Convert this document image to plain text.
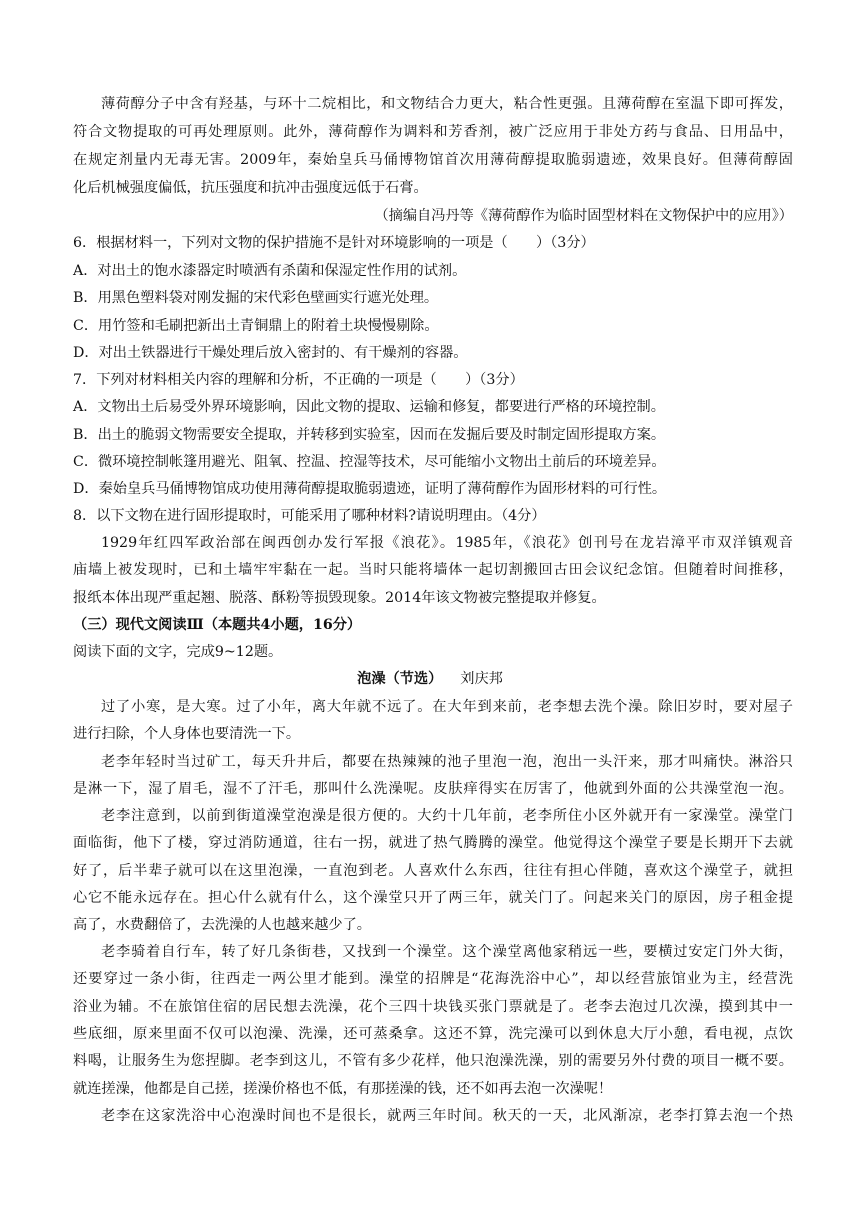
薄荷醇分子中含有羟基，与环十二烷相比，和文物结合力更大，粘合性更强。且薄荷醇在室温下即可挥发，
符合文物提取的可再处理原则。此外，薄荷醇作为调料和芳香剂，被广泛应用于非处方药与食品、日用品中，
在规定剂量内无毒无害。2009年，秦始皇兵马俑博物馆首次用薄荷醇提取脆弱遗迹，效果良好。但薄荷醇固
化后机械强度偏低，抗压强度和抗冲击强度远低于石膏。
（摘编自冯丹等《薄荷醇作为临时固型材料在文物保护中的应用》）
6．根据材料一，下列对文物的保护措施不是针对环境影响的一项是（　　）（3分）
A．对出土的饱水漆器定时喷洒有杀菌和保湿定性作用的试剂。
B．用黑色塑料袋对刚发掘的宋代彩色壁画实行遮光处理。
C．用竹签和毛刷把新出土青铜鼎上的附着土块慢慢剔除。
D．对出土铁器进行干燥处理后放入密封的、有干燥剂的容器。
7．下列对材料相关内容的理解和分析，不正确的一项是（　　）（3分）
A．文物出土后易受外界环境影响，因此文物的提取、运输和修复，都要进行严格的环境控制。
B．出土的脆弱文物需要安全提取，并转移到实验室，因而在发掘后要及时制定固形提取方案。
C．微环境控制帐篷用避光、阻氧、控温、控湿等技术，尽可能缩小文物出土前后的环境差异。
D．秦始皇兵马俑博物馆成功使用薄荷醇提取脆弱遗迹，证明了薄荷醇作为固形材料的可行性。
8．以下文物在进行固形提取时，可能采用了哪种材料?请说明理由。（4分）
1929年红四军政治部在闽西创办发行军报《浪花》。1985年，《浪花》创刊号在龙岩漳平市双洋镇观音
庙墙上被发现时，已和土墙牢牢黏在一起。当时只能将墙体一起切割搬回古田会议纪念馆。但随着时间推移，
报纸本体出现严重起翘、脱落、酥粉等损毁现象。2014年该文物被完整提取并修复。
（三）现代文阅读Ⅲ（本题共4小题，16分）
阅读下面的文字，完成9~12题。
泡澡（节选） 刘庆邦
过了小寒，是大寒。过了小年，离大年就不远了。在大年到来前，老李想去洗个澡。除旧岁时，要对屋子
进行扫除，个人身体也要清洗一下。
老李年轻时当过矿工，每天升井后，都要在热辣辣的池子里泡一泡，泡出一头汗来，那才叫痛快。淋浴只
是淋一下，湿了眉毛，湿不了汗毛，那叫什么洗澡呢。皮肤痒得实在厉害了，他就到外面的公共澡堂泡一泡。
老李注意到，以前到街道澡堂泡澡是很方便的。大约十几年前，老李所住小区外就开有一家澡堂。澡堂门
面临街，他下了楼，穿过消防通道，往右一拐，就进了热气腾腾的澡堂。他觉得这个澡堂子要是长期开下去就
好了，后半辈子就可以在这里泡澡，一直泡到老。人喜欢什么东西，往往有担心伴随，喜欢这个澡堂子，就担
心它不能永远存在。担心什么就有什么，这个澡堂只开了两三年，就关门了。问起来关门的原因，房子租金提
高了，水费翻倍了，去洗澡的人也越来越少了。
老李骑着自行车，转了好几条街巷，又找到一个澡堂。这个澡堂离他家稍远一些，要横过安定门外大街，
还要穿过一条小街，往西走一两公里才能到。澡堂的招牌是“花海洗浴中心”，却以经营旅馆业为主，经营洗
浴业为辅。不在旅馆住宿的居民想去洗澡，花个三四十块钱买张门票就是了。老李去泡过几次澡，摸到其中一
些底细，原来里面不仅可以泡澡、洗澡，还可蒸桑拿。这还不算，洗完澡可以到休息大厅小憩，看电视，点饮
料喝，让服务生为您捏脚。老李到这儿，不管有多少花样，他只泡澡洗澡，别的需要另外付费的项目一概不要。
就连搓澡，他都是自己搓，搓澡价格也不低，有那搓澡的钱，还不如再去泡一次澡呢！
老李在这家洗浴中心泡澡时间也不是很长，就两三年时间。秋天的一天，北风渐凉，老李打算去泡一个热
